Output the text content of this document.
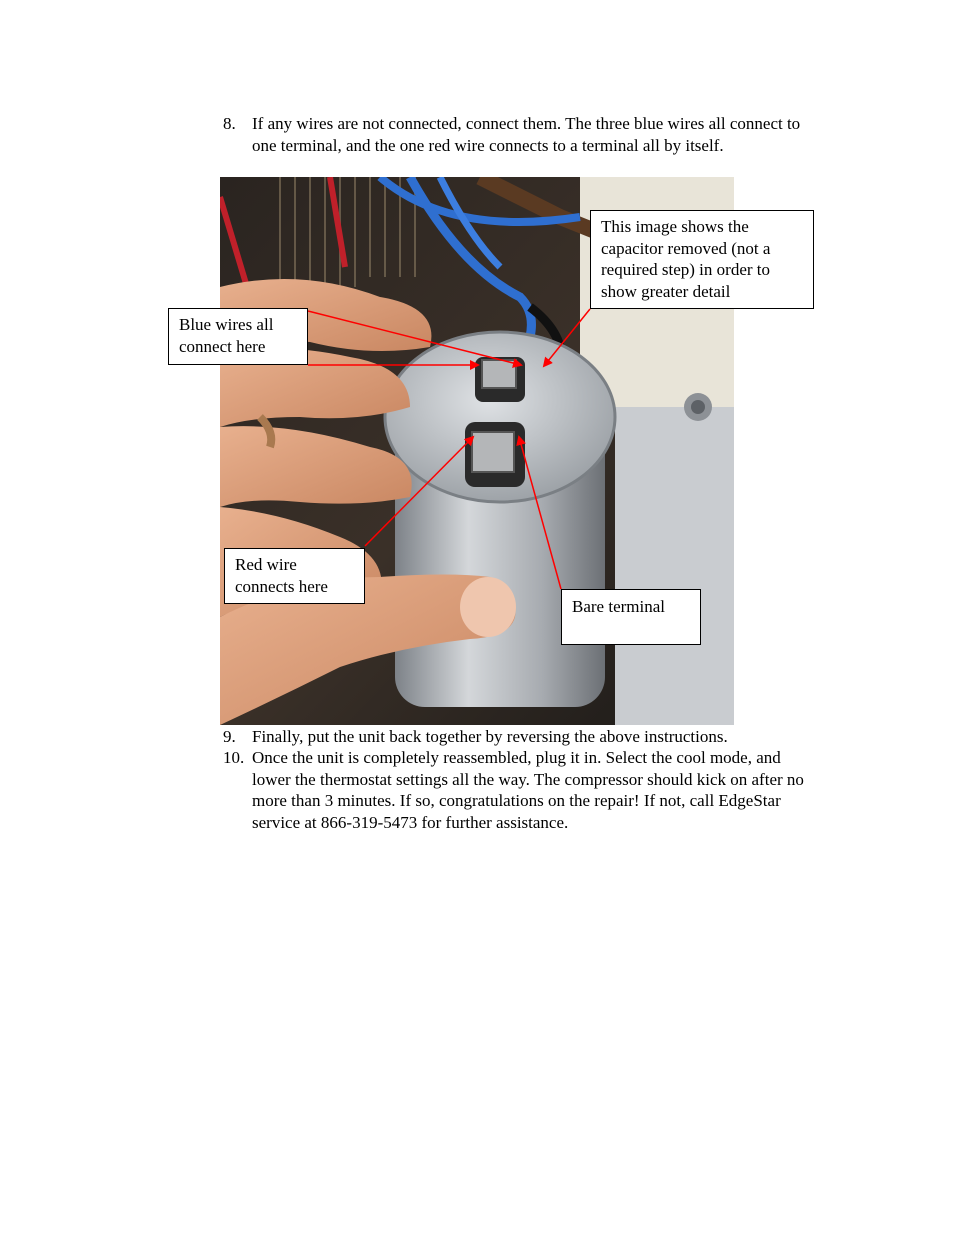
8. If any wires are not connected, connect them. The three blue wires all connect to one terminal, and the one red wire connects to a terminal all by itself.
This image shows the capacitor removed (not a required step) in order to show greater detail
Blue wires all connect here
Red wire connects here
Bare terminal
9. Finally, put the unit back together by reversing the above instructions.
10. Once the unit is completely reassembled, plug it in. Select the cool mode, and lower the thermostat settings all the way. The compressor should kick on after no more than 3 minutes. If so, congratulations on the repair! If not, call EdgeStar service at 866-319-5473 for further assistance.
